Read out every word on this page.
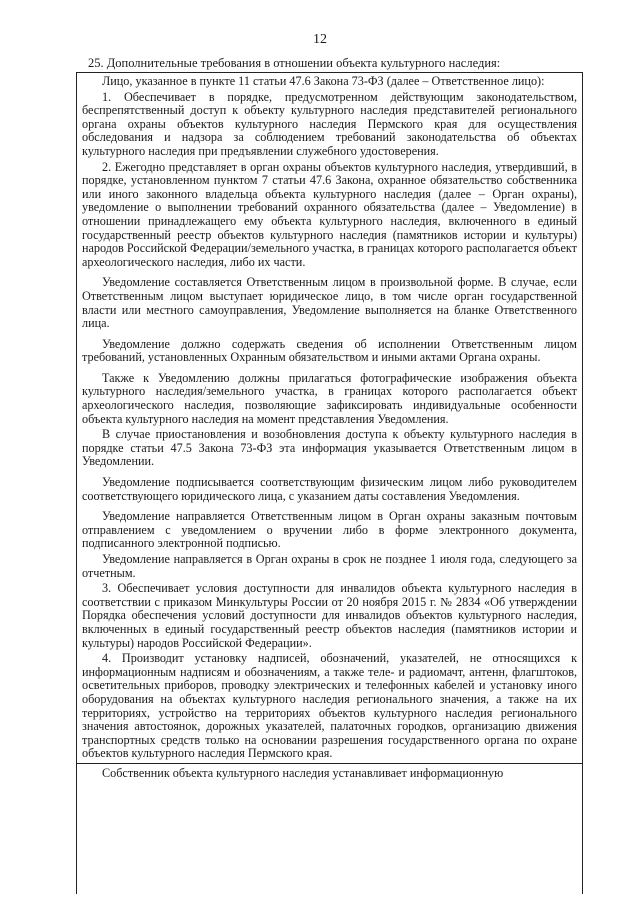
12
25. Дополнительные требования в отношении объекта культурного наследия:

Лицо, указанное в пункте 11 статьи 47.6 Закона 73-ФЗ (далее – Ответственное лицо):

1. Обеспечивает в порядке, предусмотренном действующим законодательством, беспрепятственный доступ к объекту культурного наследия представителей регионального органа охраны объектов культурного наследия Пермского края для осуществления обследования и надзора за соблюдением требований законодательства об объектах культурного наследия при предъявлении служебного удостоверения.

2. Ежегодно представляет в орган охраны объектов культурного наследия, утвердивший, в порядке, установленном пунктом 7 статьи 47.6 Закона, охранное обязательство собственника или иного законного владельца объекта культурного наследия (далее – Орган охраны), уведомление о выполнении требований охранного обязательства (далее – Уведомление) в отношении принадлежащего ему объекта культурного наследия, включенного в единый государственный реестр объектов культурного наследия (памятников истории и культуры) народов Российской Федерации/земельного участка, в границах которого располагается объект археологического наследия, либо их части.

Уведомление составляется Ответственным лицом в произвольной форме. В случае, если Ответственным лицом выступает юридическое лицо, в том числе орган государственной власти или местного самоуправления, Уведомление выполняется на бланке Ответственного лица.

Уведомление должно содержать сведения об исполнении Ответственным лицом требований, установленных Охранным обязательством и иными актами Органа охраны.

Также к Уведомлению должны прилагаться фотографические изображения объекта культурного наследия/земельного участка, в границах которого располагается объект археологического наследия, позволяющие зафиксировать индивидуальные особенности объекта культурного наследия на момент представления Уведомления.

В случае приостановления и возобновления доступа к объекту культурного наследия в порядке статьи 47.5 Закона 73-ФЗ эта информация указывается Ответственным лицом в Уведомлении.

Уведомление подписывается соответствующим физическим лицом либо руководителем соответствующего юридического лица, с указанием даты составления Уведомления.

Уведомление направляется Ответственным лицом в Орган охраны заказным почтовым отправлением с уведомлением о вручении либо в форме электронного документа, подписанного электронной подписью.

Уведомление направляется в Орган охраны в срок не позднее 1 июля года, следующего за отчетным.

3. Обеспечивает условия доступности для инвалидов объекта культурного наследия в соответствии с приказом Минкультуры России от 20 ноября 2015 г. № 2834 «Об утверждении Порядка обеспечения условий доступности для инвалидов объектов культурного наследия, включенных в единый государственный реестр объектов наследия (памятников истории и культуры) народов Российской Федерации».

4. Производит установку надписей, обозначений, указателей, не относящихся к информационным надписям и обозначениям, а также теле- и радиомачт, антенн, флагштоков, осветительных приборов, проводку электрических и телефонных кабелей и установку иного оборудования на объектах культурного наследия регионального значения, а также на их территориях, устройство на территориях объектов культурного наследия регионального значения автостоянок, дорожных указателей, палаточных городков, организацию движения транспортных средств только на основании разрешения государственного органа по охране объектов культурного наследия Пермского края.

Собственник объекта культурного наследия устанавливает информационную
